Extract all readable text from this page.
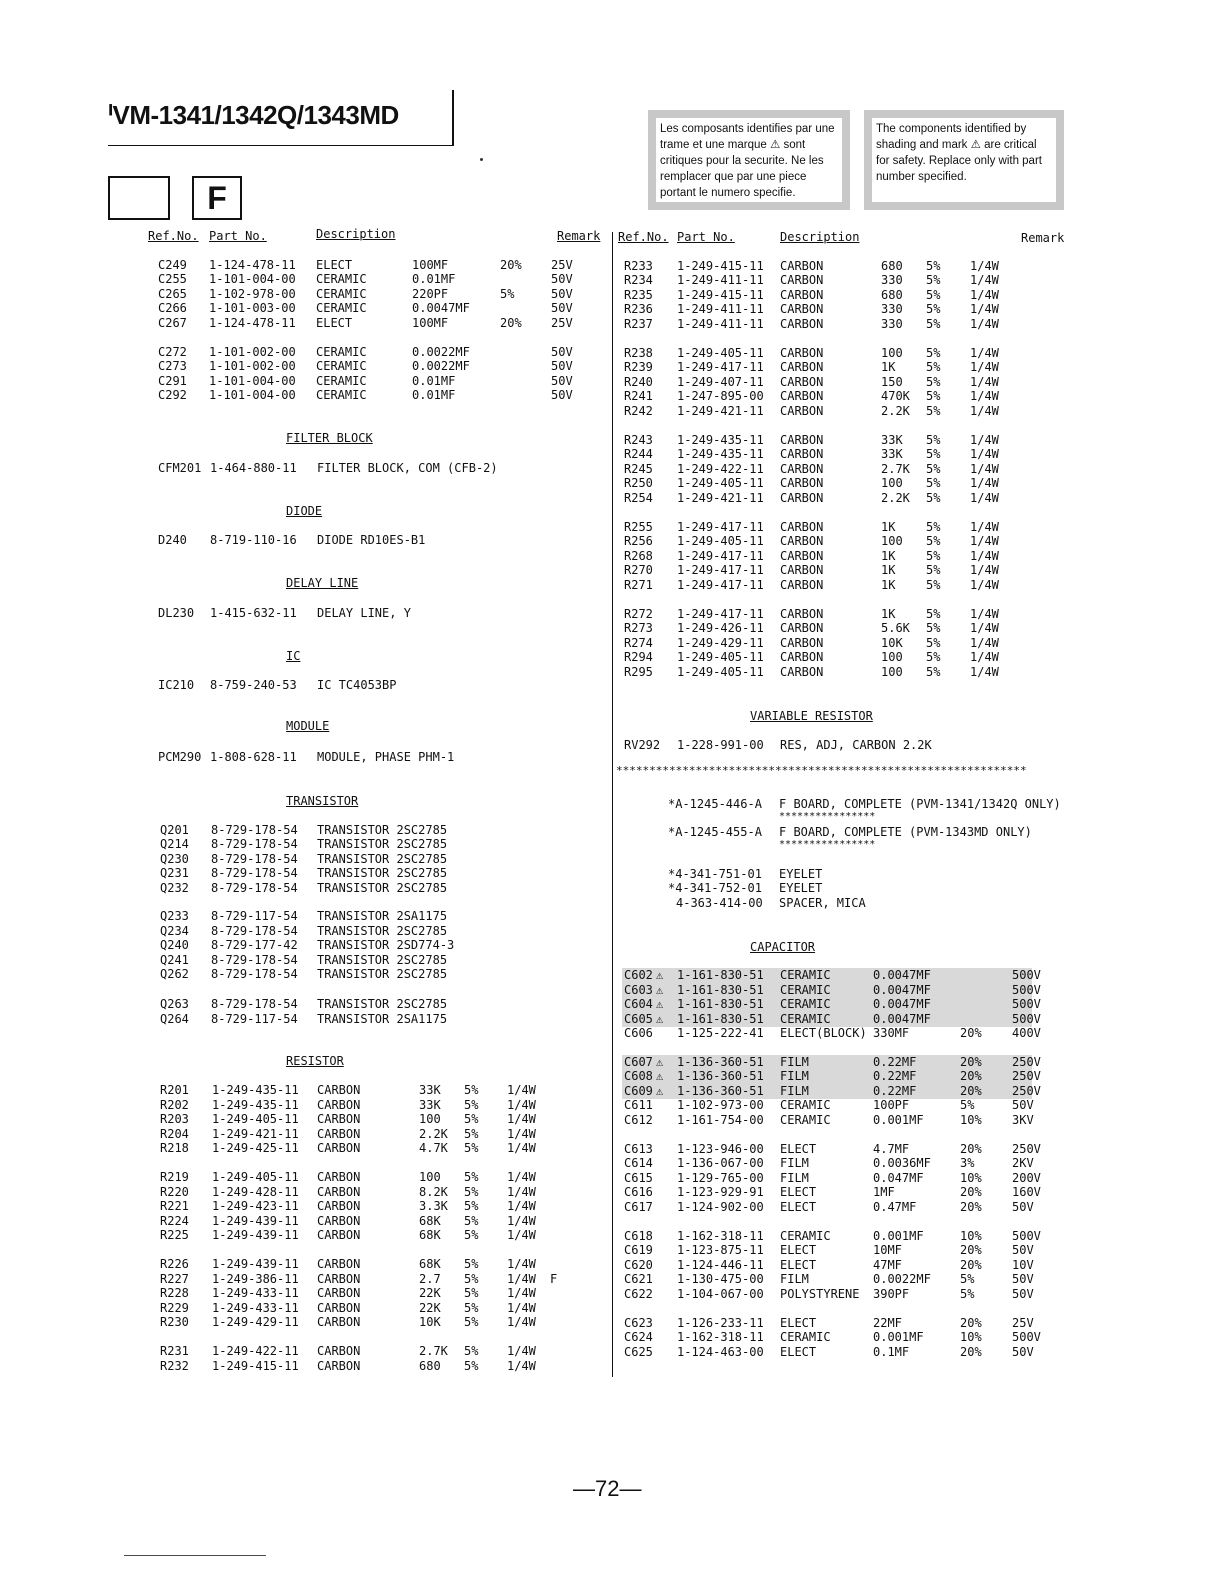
ᑊVM-1341/1342Q/1343MD
F
Les composants identifies par une trame et une marque ⚠ sont critiques pour la securite. Ne les remplacer que par une piece portant le numero specifie.
The components identified by shading and mark ⚠ are critical for safety. Replace only with part number specified.
Ref.No. Part No.	Description	Remark Ref.No. Part No.	Description	Remark
FILTER BLOCK
DIODE
DELAY LINE
IC
MODULE
TRANSISTOR
RESISTOR
VARIABLE RESISTOR
CAPACITOR
CFM201 1-464-880-11 FILTER BLOCK, COM (CFB-2)
D240 8-719-110-16 DIODE RD10ES-B1
DL230 1-415-632-11 DELAY LINE, Y
IC210 8-759-240-53 IC TC4053BP
PCM290 1-808-628-11 MODULE, PHASE PHM-1
RV292 1-228-991-00 RES, ADJ, CARBON 2.2K
**************************************************************
*A-1245-446-A F BOARD, COMPLETE (PVM-1341/1342Q ONLY)
****************
*A-1245-455-A F BOARD, COMPLETE (PVM-1343MD ONLY)
****************
*4-341-751-01 EYELET
*4-341-752-01 EYELET
4-363-414-00 SPACER, MICA
—72—
C249 1-124-478-11 ELECT	100MF	20% 25V
C255 1-101-004-00 CERAMIC	0.01MF	50V
C265 1-102-978-00 CERAMIC	220PF	5%	50V
C266 1-101-003-00 CERAMIC	0.0047MF	50V
C267 1-124-478-11 ELECT	100MF	20% 25V
C272 1-101-002-00 CERAMIC	0.0022MF	50V
C273 1-101-002-00 CERAMIC	0.0022MF	50V
C291 1-101-004-00 CERAMIC	0.01MF	50V
C292 1-101-004-00 CERAMIC	0.01MF	50V
Q201 8-729-178-54 TRANSISTOR 2SC2785
Q214 8-729-178-54 TRANSISTOR 2SC2785
Q230 8-729-178-54 TRANSISTOR 2SC2785
Q231 8-729-178-54 TRANSISTOR 2SC2785
Q232 8-729-178-54 TRANSISTOR 2SC2785
Q233 8-729-117-54 TRANSISTOR 2SA1175
Q234 8-729-178-54 TRANSISTOR 2SC2785
Q240 8-729-177-42 TRANSISTOR 2SD774-3
Q241 8-729-178-54 TRANSISTOR 2SC2785
Q262 8-729-178-54 TRANSISTOR 2SC2785
Q263 8-729-178-54 TRANSISTOR 2SC2785
Q264 8-729-117-54 TRANSISTOR 2SA1175
R201 1-249-435-11 CARBON	33K 5% 1/4W
R202 1-249-435-11 CARBON	33K 5% 1/4W
R203 1-249-405-11 CARBON	100 5% 1/4W
R204 1-249-421-11 CARBON	2.2K 5% 1/4W
R218 1-249-425-11 CARBON	4.7K 5% 1/4W
R219 1-249-405-11 CARBON	100 5% 1/4W
R220 1-249-428-11 CARBON	8.2K 5% 1/4W
R221 1-249-423-11 CARBON	3.3K 5% 1/4W
R224 1-249-439-11 CARBON	68K 5% 1/4W
R225 1-249-439-11 CARBON	68K 5% 1/4W
R226 1-249-439-11 CARBON	68K 5% 1/4W
R227 1-249-386-11 CARBON	2.7 5% 1/4W F
R228 1-249-433-11 CARBON	22K 5% 1/4W
R229 1-249-433-11 CARBON	22K 5% 1/4W
R230 1-249-429-11 CARBON	10K 5% 1/4W
R231 1-249-422-11 CARBON	2.7K 5% 1/4W
R232 1-249-415-11 CARBON	680 5% 1/4W
R233 1-249-415-11 CARBON	680 5% 1/4W
R234 1-249-411-11 CARBON	330 5% 1/4W
R235 1-249-415-11 CARBON	680 5% 1/4W
R236 1-249-411-11 CARBON	330 5% 1/4W
R237 1-249-411-11 CARBON	330 5% 1/4W
R238 1-249-405-11 CARBON	100 5% 1/4W
R239 1-249-417-11 CARBON	1K	5% 1/4W
R240 1-249-407-11 CARBON	150 5% 1/4W
R241 1-247-895-00 CARBON	470K 5% 1/4W
R242 1-249-421-11 CARBON	2.2K 5% 1/4W
R243 1-249-435-11 CARBON	33K 5% 1/4W
R244 1-249-435-11 CARBON	33K 5% 1/4W
R245 1-249-422-11 CARBON	2.7K 5% 1/4W
R250 1-249-405-11 CARBON	100 5% 1/4W
R254 1-249-421-11 CARBON	2.2K 5% 1/4W
R255 1-249-417-11 CARBON	1K	5% 1/4W
R256 1-249-405-11 CARBON	100 5% 1/4W
R268 1-249-417-11 CARBON	1K	5% 1/4W
R270 1-249-417-11 CARBON	1K	5% 1/4W
R271 1-249-417-11 CARBON	1K	5% 1/4W
R272 1-249-417-11 CARBON	1K	5% 1/4W
R273 1-249-426-11 CARBON	5.6K 5% 1/4W
R274 1-249-429-11 CARBON	10K 5% 1/4W
R294 1-249-405-11 CARBON	100 5% 1/4W
R295 1-249-405-11 CARBON	100 5% 1/4W
C602 ⚠ 1-161-830-51 CERAMIC	0.0047MF	500V
C603 ⚠ 1-161-830-51 CERAMIC	0.0047MF	500V
C604 ⚠ 1-161-830-51 CERAMIC	0.0047MF	500V
C605 ⚠ 1-161-830-51 CERAMIC	0.0047MF	500V
C606 1-125-222-41 ELECT(BLOCK) 330MF	20%	400V
C607 ⚠ 1-136-360-51 FILM	0.22MF	20%	250V
C608 ⚠ 1-136-360-51 FILM	0.22MF	20%	250V
C609 ⚠ 1-136-360-51 FILM	0.22MF	20%	250V
C611 1-102-973-00 CERAMIC	100PF	5%	50V
C612 1-161-754-00 CERAMIC	0.001MF	10%	3KV
C613 1-123-946-00 ELECT	4.7MF	20%	250V
C614 1-136-067-00 FILM	0.0036MF 3%	2KV
C615 1-129-765-00 FILM	0.047MF	10%	200V
C616 1-123-929-91 ELECT	1MF	20%	160V
C617 1-124-902-00 ELECT	0.47MF	20%	50V
C618 1-162-318-11 CERAMIC	0.001MF	10%	500V
C619 1-123-875-11 ELECT	10MF	20%	50V
C620 1-124-446-11 ELECT	47MF	20%	10V
C621 1-130-475-00 FILM	0.0022MF 5%	50V
C622 1-104-067-00 POLYSTYRENE 390PF	5%	50V
C623 1-126-233-11 ELECT	22MF	20%	25V
C624 1-162-318-11 CERAMIC	0.001MF	10%	500V
C625 1-124-463-00 ELECT	0.1MF	20%	50V
